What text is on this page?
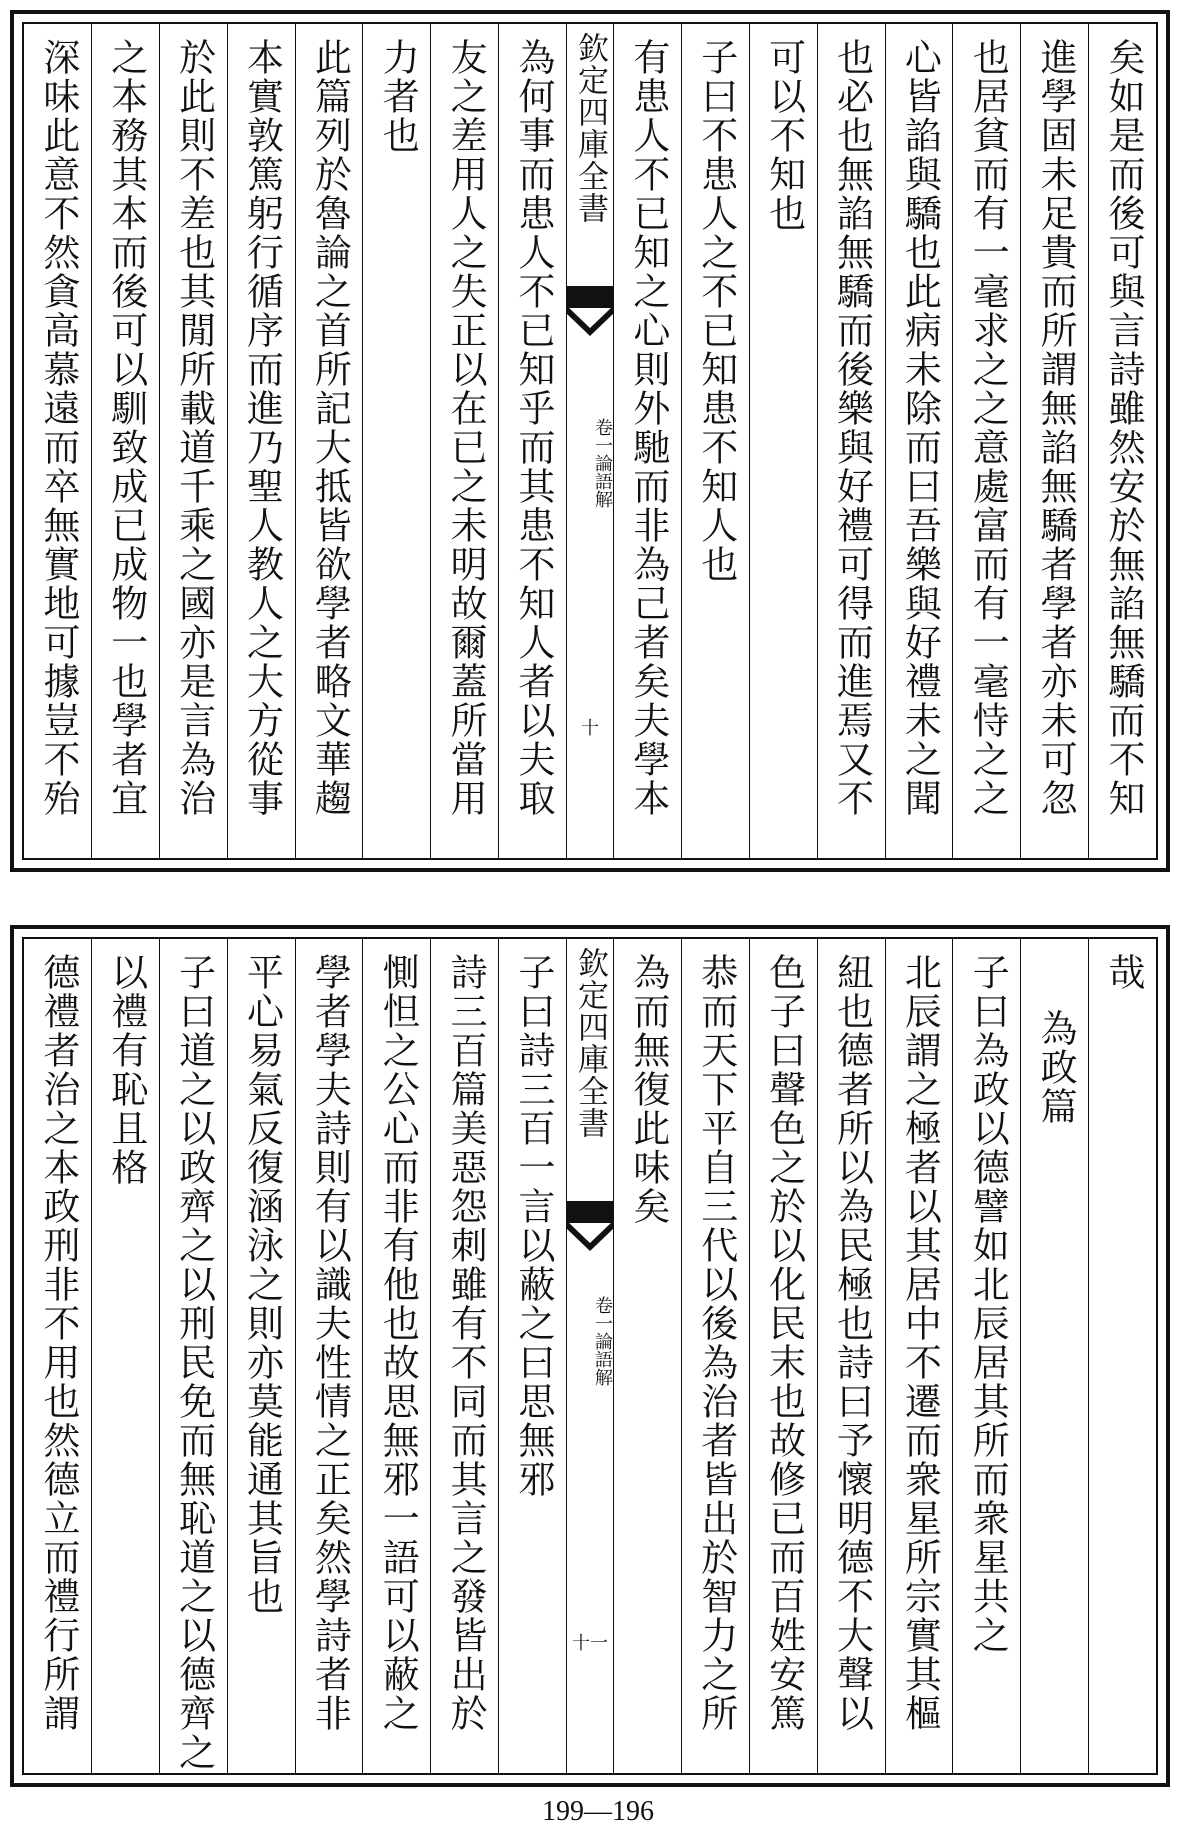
矣如是而後可與言詩雖然安於無諂無驕而不知
進學固未足貴而所謂無諂無驕者學者亦未可忽
也居貧而有一毫求之之意處富而有一毫恃之之
心皆諂與驕也此病未除而曰吾樂與好禮未之聞
也必也無諂無驕而後樂與好禮可得而進焉又不
可以不知也
子曰不患人之不已知患不知人也
有患人不已知之心則外馳而非為己者矣夫學本
欽定四庫全書
論語解
卷一
十
為何事而患人不已知乎而其患不知人者以夫取
友之差用人之失正以在已之未明故爾蓋所當用
力者也
此篇列於魯論之首所記大抵皆欲學者略文華趨
本實敦篤躬行循序而進乃聖人教人之大方從事
於此則不差也其閒所載道千乘之國亦是言為治
之本務其本而後可以馴致成已成物一也學者宜
深味此意不然貪高慕遠而卒無實地可據豈不殆
哉
為政篇
子曰為政以德譬如北辰居其所而衆星共之
北辰謂之極者以其居中不遷而衆星所宗實其樞
紐也德者所以為民極也詩曰予懷明德不大聲以
色子曰聲色之於以化民末也故修已而百姓安篤
恭而天下平自三代以後為治者皆出於智力之所
為而無復此味矣
欽定四庫全書
論語解
卷一
十一
子曰詩三百一言以蔽之曰思無邪
詩三百篇美惡怨刺雖有不同而其言之發皆出於
惻怛之公心而非有他也故思無邪一語可以蔽之
學者學夫詩則有以識夫性情之正矣然學詩者非
平心易氣反復涵泳之則亦莫能通其旨也
子曰道之以政齊之以刑民免而無恥道之以德齊之
以禮有恥且格
德禮者治之本政刑非不用也然德立而禮行所謂
199—196
